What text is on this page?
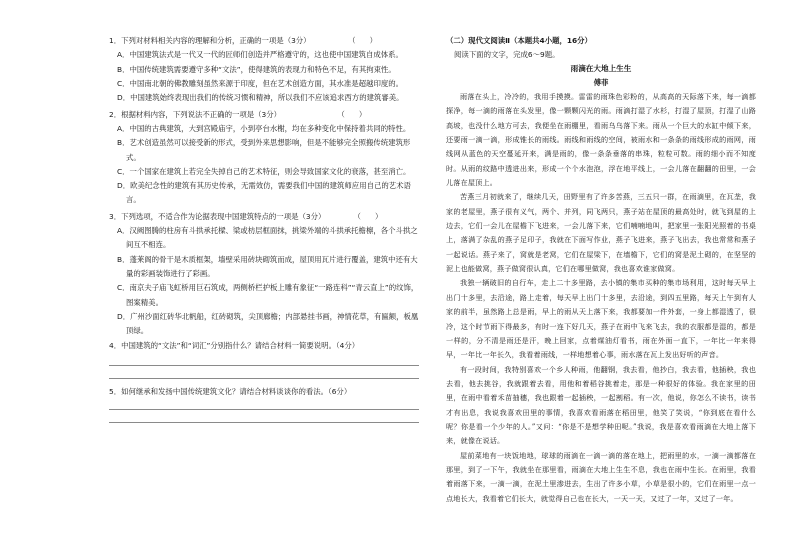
1．下列对材料相关内容的理解和分析，正确的一项是（3分）                （      ）
A．中国建筑法式是一代又一代的匠师们创造并严格遵守的，这也使中国建筑自成体系。
B．中国传统建筑需要遵守多种“文法”，使得建筑的表现力和特色不足，有其拘束性。
C．中国南北朝的佛教雕刻虽然来源于印度，但在艺术创造方面，其水准是超越印度的。
D．中国建筑始终表现出我们的传统习惯和精神，所以我们不应该追求西方的建筑審美。
2．根据材料内容，下列说法不正确的一项是（3分）                        （      ）
A．中国的古典建筑，大到宫殿庙宇，小到亭台水榭，均在多种变化中保持着共同的特性。
B．艺术创造虽然可以接受新的形式，受到外来思想影响，但是不能够完全照搬传统建筑形式。
C．一个国家在建筑上若完全失掉自己的艺术特征，则会导致国家文化的衰落，甚至消亡。
D．欧美纪念性的建筑有其历史传承，无需效仿，需要我们中国的建筑师应用自己的艺术语言。
3．下列选项，不适合作为论据表现中国建筑特点的一项是（3分）            （      ）
A．汉阙图腾的柱房有斗拱承托樑、梁或枋层框面抹，挑梁外端的斗拱承托檐檩，各个斗拱之间互不相连。
B．蓬莱阁的骨干是木质框架，墙壁采用砖块砌筑而成，屋顶用瓦片进行覆盖，建筑中还有大量的彩画装饰进行了彩画。
C．南京夫子庙飞虹桥用巨石筑成，两侧桥栏护板上雕有象征“一路连科”“青云直上”的纹饰，图案精美。
D．广州沙面红砖华北帆船，红砖砌筑，尖顶廊檐；内部悬挂书画，神情花草，有匾额，板凰顶绿。
4．中国建筑的“文法”和“词汇”分别指什么？请结合材料一简要说明。（4分）
5．如何继承和发扬中国传统建筑文化？请结合材料谈谈你的看法。（6分）
（二）现代文阅读Ⅱ（本题共4小题，16分）
阅读下面的文字，完成6～9题。
雨滴在大地上生生
傅菲

雨落在头上，冷冷的，我用手摸摸。雷雷的雨珠色彩粉的，从高高的天际落下来，每一滴都探净，每一滴的雨落在头发里，像一颗颗闪光的雨。雨滴打湿了水杉，打湿了屋顶，打湿了山路高坡，也没什么地方可去，我便坐在雨棚里，看雨乌乌落下来。雨从一个巨大的水缸中倾下来，还要雨一滴一滴，形成锥长的雨线。雨线和雨线的空间，被雨水和一条条的雨线形成的雨网，雨线网从蓝色的天空蔓延开来，满是雨的，像一条条垂落的串珠，粒粒可数。雨的细小而不知度时。从雨的纹路中透进出来，形成一个个水泡泡，浮在地平线上，一会儿落在翻翻的田里，一会儿落在屋顶上。

苦燕三月初就来了，继续几天，田野里有了许多苦燕，三五只一群，在雨滴里，在瓦垄，我家的老屋里，燕子很有义气，两个、并列，同飞两只，燕子站在屋顶的最高处时，就飞到屋的上边去，它们一会儿在屋檐下飞进来，一会儿落下来，它们喃喃地叫，把家里一张阳光照着的书桌上，落满了杂乱的燕子足印子，我就在下面写作业，燕子飞进来，燕子飞出去，我也常常和燕子一起说话。燕子来了，窝就是老窝，它们在屋梁下，在墙檐下，它们的窝是泥土砌的，在坚坚的泥上也能做窝，燕子做窝很认真，它们在哪里做窝，我也喜欢谁家做窝。

我独一辆破旧的自行车，走上二十多里路，去小镇的集市买种的集市场利用，这时每天早上出门十多里，去沿途，路上走着，每天早上出门十多里，去沿途，到四五里路，每天上午到有人家的前半，虽然路上总是雨，早上的雨从天上落下来，我都要加一件外套，一身上都湿透了，很冷，这个时节雨下得最多，有时一连下好几天，燕子在雨中飞来飞去，我的衣服都是湿的，都是一样的，分不清是雨还是汗，晚上回家，点着煤油灯看书，雨在外面一直下，一年比一年来得早，一年比一年长久，我看着雨线，一样地想着心事，雨水落在瓦上发出好听的声音。

有一段时间，我特别喜欢一个乡人种雨，他翻钢，我去看，他抄白，我去看，他插秧，我也去看，他去挑谷，我就跟着去看，用他和着稻谷挑着走，那是一种很好的体验。我在家里的田里，在雨中看着禾苗抽穗，我也跟着一起插秧，一起割稻。有一次，他说，你怎么不读书，读书才有出息，我说我喜欢田里的事情，我喜欢看雨落在稻田里，他笑了笑说，“你到底在看什么呢？你是看一个少年的人。”又问：“你是不是想学种田呢。”我说，我是喜欢看雨滴在大地上落下来，就像在说话。

屋前菜地有一块饭地地，球球的雨滴在一滴一滴的落在地上，把雨里的水，一滴一滴都落在那里，到了一下午，我就坐在那里看，雨滴在大地上生生不息，我也在雨中生长。在雨里，我看着雨落下来，一滴一滴，在泥土里渗进去，生出了许多小草，小草是很小的，它们在雨里一点一点地长大，我看着它们长大，就觉得自己也在长大，一天一天，又过了一年，又过了一年。
